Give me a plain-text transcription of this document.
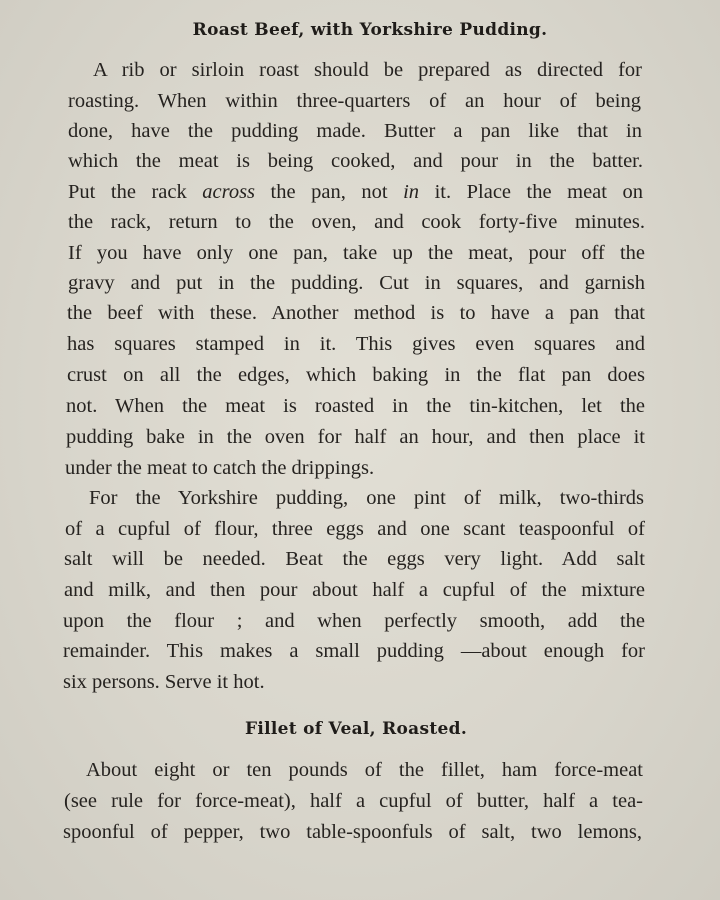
Roast Beef, with Yorkshire Pudding.
A rib or sirloin roast should be prepared as directed for
roasting. When within three-quarters of an hour of being
done, have the pudding made. Butter a pan like that in
which the meat is being cooked, and pour in the batter.
Put the rack across the pan, not in it. Place the meat on
the rack, return to the oven, and cook forty-five minutes.
If you have only one pan, take up the meat, pour off the
gravy and put in the pudding. Cut in squares, and garnish
the beef with these. Another method is to have a pan that
has squares stamped in it. This gives even squares and
crust on all the edges, which baking in the flat pan does
not. When the meat is roasted in the tin-kitchen, let the
pudding bake in the oven for half an hour, and then place it
under the meat to catch the drippings.
For the Yorkshire pudding, one pint of milk, two-thirds
of a cupful of flour, three eggs and one scant teaspoonful of
salt will be needed. Beat the eggs very light. Add salt
and milk, and then pour about half a cupful of the mixture
upon the flour ; and when perfectly smooth, add the
remainder. This makes a small pudding —about enough for
six persons. Serve it hot.
Fillet of Veal, Roasted.
About eight or ten pounds of the fillet, ham force-meat
(see rule for force-meat), half a cupful of butter, half a tea-
spoonful of pepper, two table-spoonfuls of salt, two lemons,
